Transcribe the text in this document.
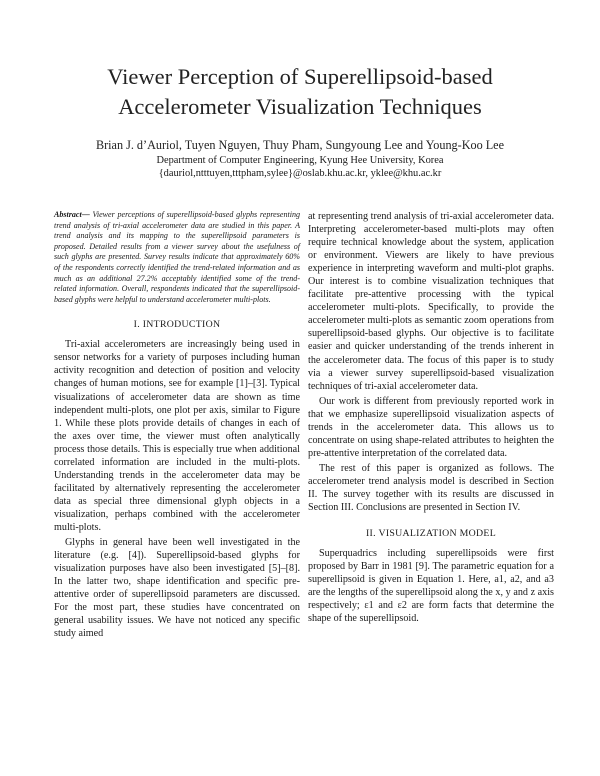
Viewer Perception of Superellipsoid-based
Accelerometer Visualization Techniques
Brian J. d’Auriol, Tuyen Nguyen, Thuy Pham, Sungyoung Lee and Young-Koo Lee
Department of Computer Engineering, Kyung Hee University, Korea
{dauriol,ntttuyen,tttpham,sylee}@oslab.khu.ac.kr, yklee@khu.ac.kr

Abstract— Viewer perceptions of superellipsoid-based glyphs representing trend analysis of tri-axial accelerometer data are studied in this paper. A trend analysis and its mapping to the superellipsoid parameters is proposed. Detailed results from a viewer survey about the usefulness of such glyphs are presented. Survey results indicate that approximately 60% of the respondents correctly identified the trend-related information and as much as an additional 27.2% acceptably identified some of the trend-related information. Overall, respondents indicated that the superellipsoid-based glyphs were helpful to understand accelerometer multi-plots.

I. INTRODUCTION

Tri-axial accelerometers are increasingly being used in sensor networks for a variety of purposes including human activity recognition and detection of position and velocity changes of human motions, see for example [1]–[3]. Typical visualizations of accelerometer data are shown as time independent multi-plots, one plot per axis, similar to Figure 1. While these plots provide details of changes in each of the axes over time, the viewer must often analytically process those details. This is especially true when additional correlated information are included in the multi-plots. Understanding trends in the accelerometer data may be facilitated by alternatively representing the accelerometer data as special three dimensional glyph objects in a visualization, perhaps combined with the accelerometer multi-plots.

Glyphs in general have been well investigated in the literature (e.g. [4]). Superellipsoid-based glyphs for visualization purposes have also been investigated [5]–[8]. In the latter two, shape identification and specific pre-attentive order of superellipsoid parameters are discussed. For the most part, these studies have concentrated on general usability issues. We have not noticed any specific study aimed

at representing trend analysis of tri-axial accelerometer data. Interpreting accelerometer-based multi-plots may often require technical knowledge about the system, application or environment. Viewers are likely to have previous experience in interpreting waveform and multi-plot graphs. Our interest is to combine visualization techniques that facilitate pre-attentive processing with the typical accelerometer multi-plots. Specifically, to provide the accelerometer multi-plots as semantic zoom operations from superellipsoid-based glyphs. Our objective is to facilitate easier and quicker understanding of the trends inherent in the accelerometer data. The focus of this paper is to study via a viewer survey superellipsoid-based visualization techniques of tri-axial accelerometer data.

Our work is different from previously reported work in that we emphasize superellipsoid visualization aspects of trends in the accelerometer data. This allows us to concentrate on using shape-related attributes to heighten the pre-attentive interpretation of the correlated data.

The rest of this paper is organized as follows. The accelerometer trend analysis model is described in Section II. The survey together with its results are discussed in Section III. Conclusions are presented in Section IV.

II. VISUALIZATION MODEL

Superquadrics including superellipsoids were first proposed by Barr in 1981 [9]. The parametric equation for a superellipsoid is given in Equation 1. Here, a1, a2, and a3 are the lengths of the superellipsoid along the x, y and z axis respectively; ε1 and ε2 are form facts that determine the shape of the superellipsoid.
